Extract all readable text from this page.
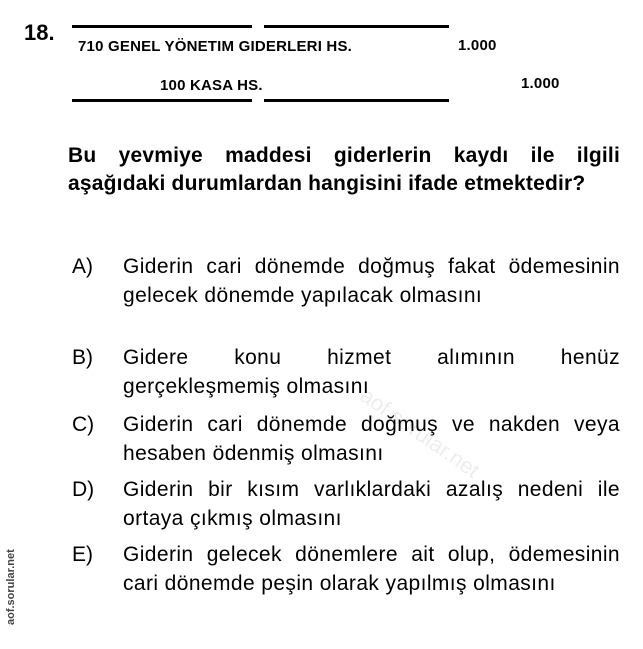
18.
710 GENEL YÖNETIM GIDERLERI HS.	1.000
100 KASA HS.	1.000
Bu yevmiye maddesi giderlerin kaydı ile ilgili aşağıdaki durumlardan hangisini ifade etmektedir?
A)	Giderin cari dönemde doğmuş fakat ödemesinin gelecek dönemde yapılacak olmasını
B)	Gidere konu hizmet alımının henüz gerçekleşmemiş olmasını
C)	Giderin cari dönemde doğmuş ve nakden veya hesaben ödenmiş olmasını
D)	Giderin bir kısım varlıklardaki azalış nedeni ile ortaya çıkmış olmasını
E)	Giderin gelecek dönemlere ait olup, ödemesinin cari dönemde peşin olarak yapılmış olmasını
aof.sorular.net
aof.sorular.net
